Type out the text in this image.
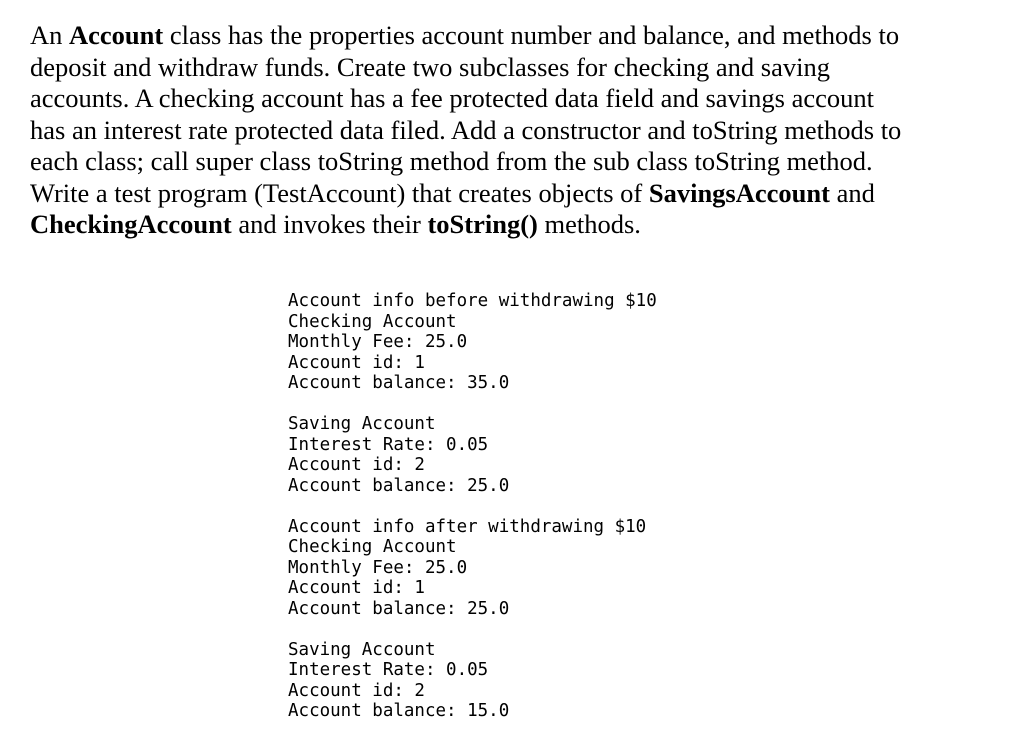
An Account class has the properties account number and balance, and methods to
deposit and withdraw funds. Create two subclasses for checking and saving
accounts. A checking account has a fee protected data field and savings account
has an interest rate protected data filed. Add a constructor and toString methods to
each class; call super class toString method from the sub class toString method.
Write a test program (TestAccount) that creates objects of SavingsAccount and
CheckingAccount and invokes their toString() methods.
Account info before withdrawing $10
Checking Account
Monthly Fee: 25.0
Account id: 1
Account balance: 35.0
Saving Account
Interest Rate: 0.05
Account id: 2
Account balance: 25.0
Account info after withdrawing $10
Checking Account
Monthly Fee: 25.0
Account id: 1
Account balance: 25.0
Saving Account
Interest Rate: 0.05
Account id: 2
Account balance: 15.0
